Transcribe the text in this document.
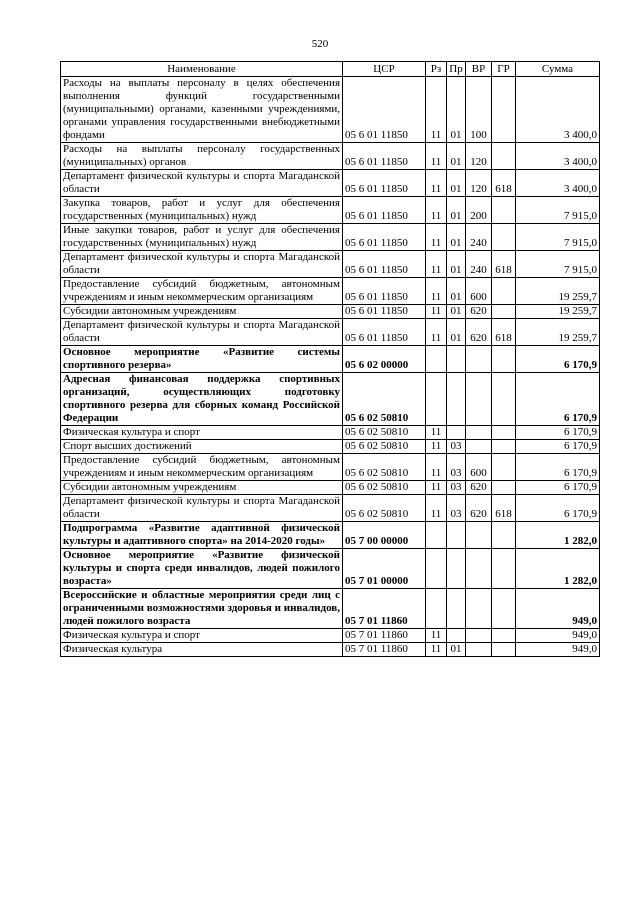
520
Наименование	ЦСР	Рз	Пр	ВР	ГР	Сумма
Расходы на выплаты персоналу в целях обеспечения выполнения функций государственными (муниципальными) органами, казенными учреждениями, органами управления государственными внебюджетными фондами	05 6 01 11850	11	01	100		3 400,0
Расходы на выплаты персоналу государственных (муниципальных) органов	05 6 01 11850	11	01	120		3 400,0
Департамент физической культуры и спорта Магаданской области	05 6 01 11850	11	01	120	618	3 400,0
Закупка товаров, работ и услуг для обеспечения государственных (муниципальных) нужд	05 6 01 11850	11	01	200		7 915,0
Иные закупки товаров, работ и услуг для обеспечения государственных (муниципальных) нужд	05 6 01 11850	11	01	240		7 915,0
Департамент физической культуры и спорта Магаданской области	05 6 01 11850	11	01	240	618	7 915,0
Предоставление субсидий бюджетным, автономным учреждениям и иным некоммерческим организациям	05 6 01 11850	11	01	600		19 259,7
Субсидии автономным учреждениям	05 6 01 11850	11	01	620		19 259,7
Департамент физической культуры и спорта Магаданской области	05 6 01 11850	11	01	620	618	19 259,7
Основное мероприятие «Развитие системы спортивного резерва»	05 6 02 00000					6 170,9
Адресная финансовая поддержка спортивных организаций, осуществляющих подготовку спортивного резерва для сборных команд Российской Федерации	05 6 02 50810					6 170,9
Физическая культура и спорт	05 6 02 50810	11				6 170,9
Спорт высших достижений	05 6 02 50810	11	03			6 170,9
Предоставление субсидий бюджетным, автономным учреждениям и иным некоммерческим организациям	05 6 02 50810	11	03	600		6 170,9
Субсидии автономным учреждениям	05 6 02 50810	11	03	620		6 170,9
Департамент физической культуры и спорта Магаданской области	05 6 02 50810	11	03	620	618	6 170,9
Подпрограмма «Развитие адаптивной физической культуры и адаптивного спорта» на 2014-2020 годы»	05 7 00 00000					1 282,0
Основное мероприятие «Развитие физической культуры и спорта среди инвалидов, людей пожилого возраста»	05 7 01 00000					1 282,0
Всероссийские и областные мероприятия среди лиц с ограниченными возможностями здоровья и инвалидов, людей пожилого возраста	05 7 01 11860					949,0
Физическая культура и спорт	05 7 01 11860	11				949,0
Физическая культура	05 7 01 11860	11	01			949,0
